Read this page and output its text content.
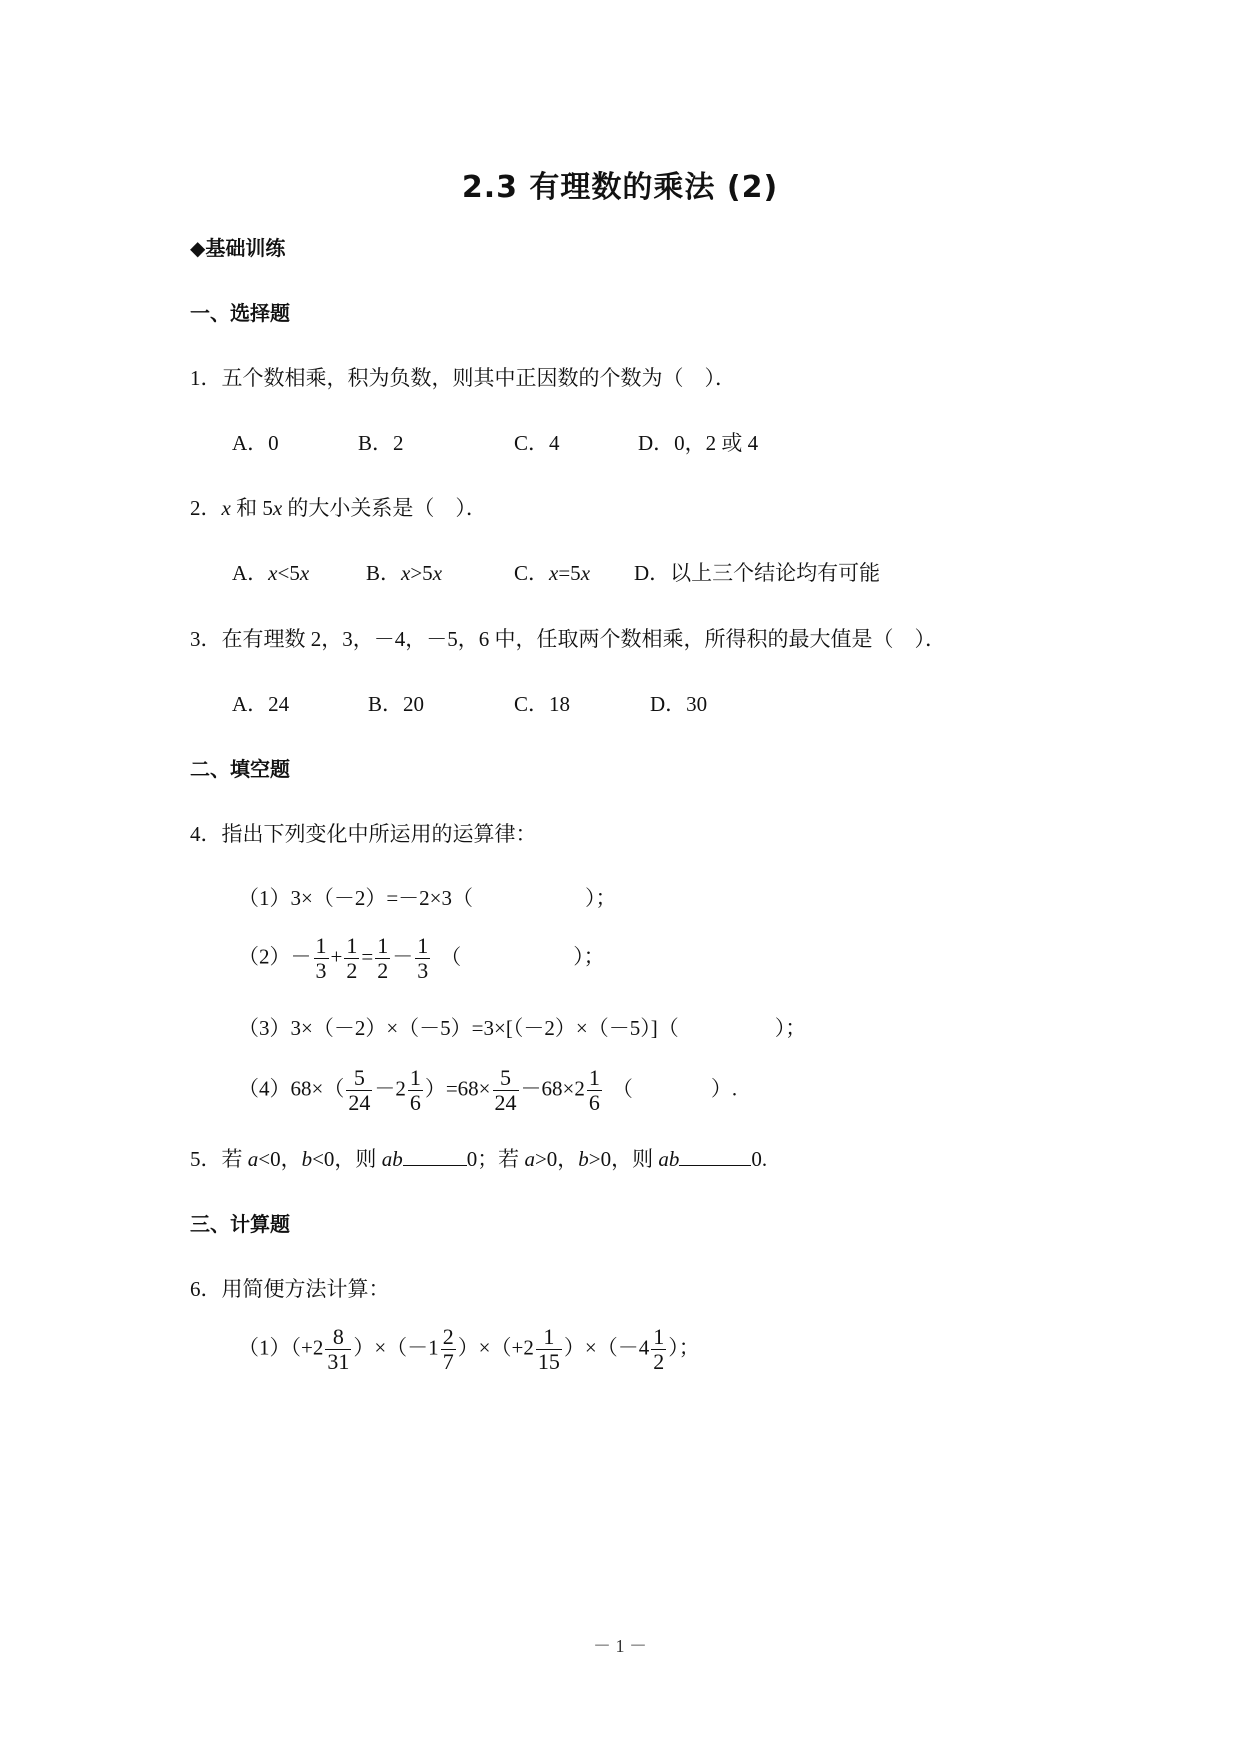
2.3 有理数的乘法 (2)
◆基础训练
一、选择题
1．五个数相乘，积为负数，则其中正因数的个数为（　）．
A．0	B．2	C．4	D．0，2 或 4
2．x 和 5x 的大小关系是（　）．
A．x<5x	B．x>5x	C．x=5x D．以上三个结论均有可能
3．在有理数 2，3，－4，－5，6 中，任取两个数相乘，所得积的最大值是（　）．
A．24	B．20	C．18	D．30
二、填空题
4．指出下列变化中所运用的运算律：
（1）3×（－2）=－2×3（	）；
$(2)- \frac{1}{3} + \frac{1}{2} = \frac{1}{2} - \frac{1}{3}$ （	）；
（3）3×（－2）×（－5）=3×[（－2）×（－5）]（	）；
$(4)68\times( \frac{5}{24} -2 \frac{1}{6} )=68\times \frac{5}{24} -68\times 2 \frac{1}{6}$ （	）.
5．若 a<0，b<0，则 ab	0；若 a>0，b>0，则 ab	0.
三、计算题
6．用简便方法计算：
$(1)(+2 \frac{8}{31} )\times(-1 \frac{2}{7} )\times(+2 \frac{1}{15} )\times(-4 \frac{1}{2}$ ）；
－ 1 －
